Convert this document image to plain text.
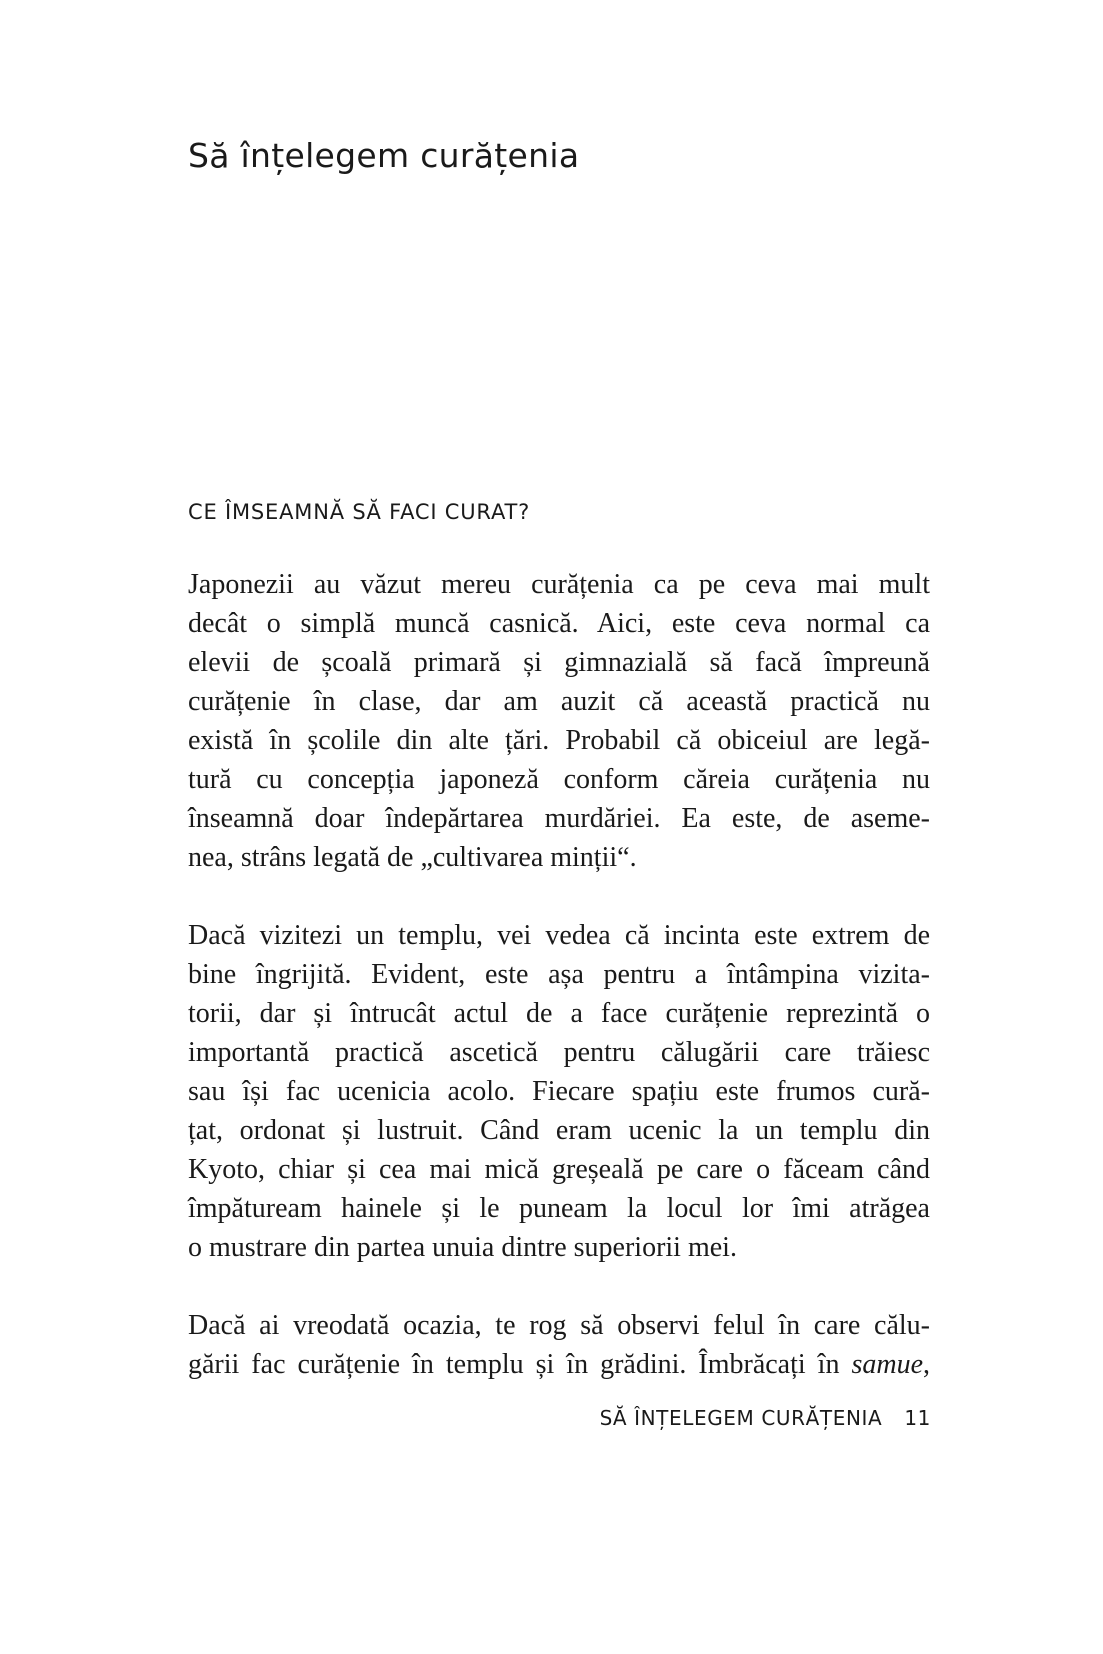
Să înțelegem curățenia
CE ÎMSEAMNĂ SĂ FACI CURAT?
Japonezii au văzut mereu curățenia ca pe ceva mai mult
decât o simplă muncă casnică. Aici, este ceva normal ca
elevii de școală primară și gimnazială să facă împreună
curățenie în clase, dar am auzit că această practică nu
există în școlile din alte țări. Probabil că obiceiul are legă-
tură cu concepția japoneză conform căreia curățenia nu
înseamnă doar îndepărtarea murdăriei. Ea este, de aseme-
nea, strâns legată de „cultivarea minții“.
Dacă vizitezi un templu, vei vedea că incinta este extrem de
bine îngrijită. Evident, este așa pentru a întâmpina vizita-
torii, dar și întrucât actul de a face curățenie reprezintă o
importantă practică ascetică pentru călugării care trăiesc
sau își fac ucenicia acolo. Fiecare spațiu este frumos cură-
țat, ordonat și lustruit. Când eram ucenic la un templu din
Kyoto, chiar și cea mai mică greșeală pe care o făceam când
împătuream hainele și le puneam la locul lor îmi atrăgea
o mustrare din partea unuia dintre superiorii mei.
Dacă ai vreodată ocazia, te rog să observi felul în care călu-
gării fac curățenie în templu și în grădini. Îmbrăcați în samue,
SĂ ÎNȚELEGEM CURĂȚENIA 11
